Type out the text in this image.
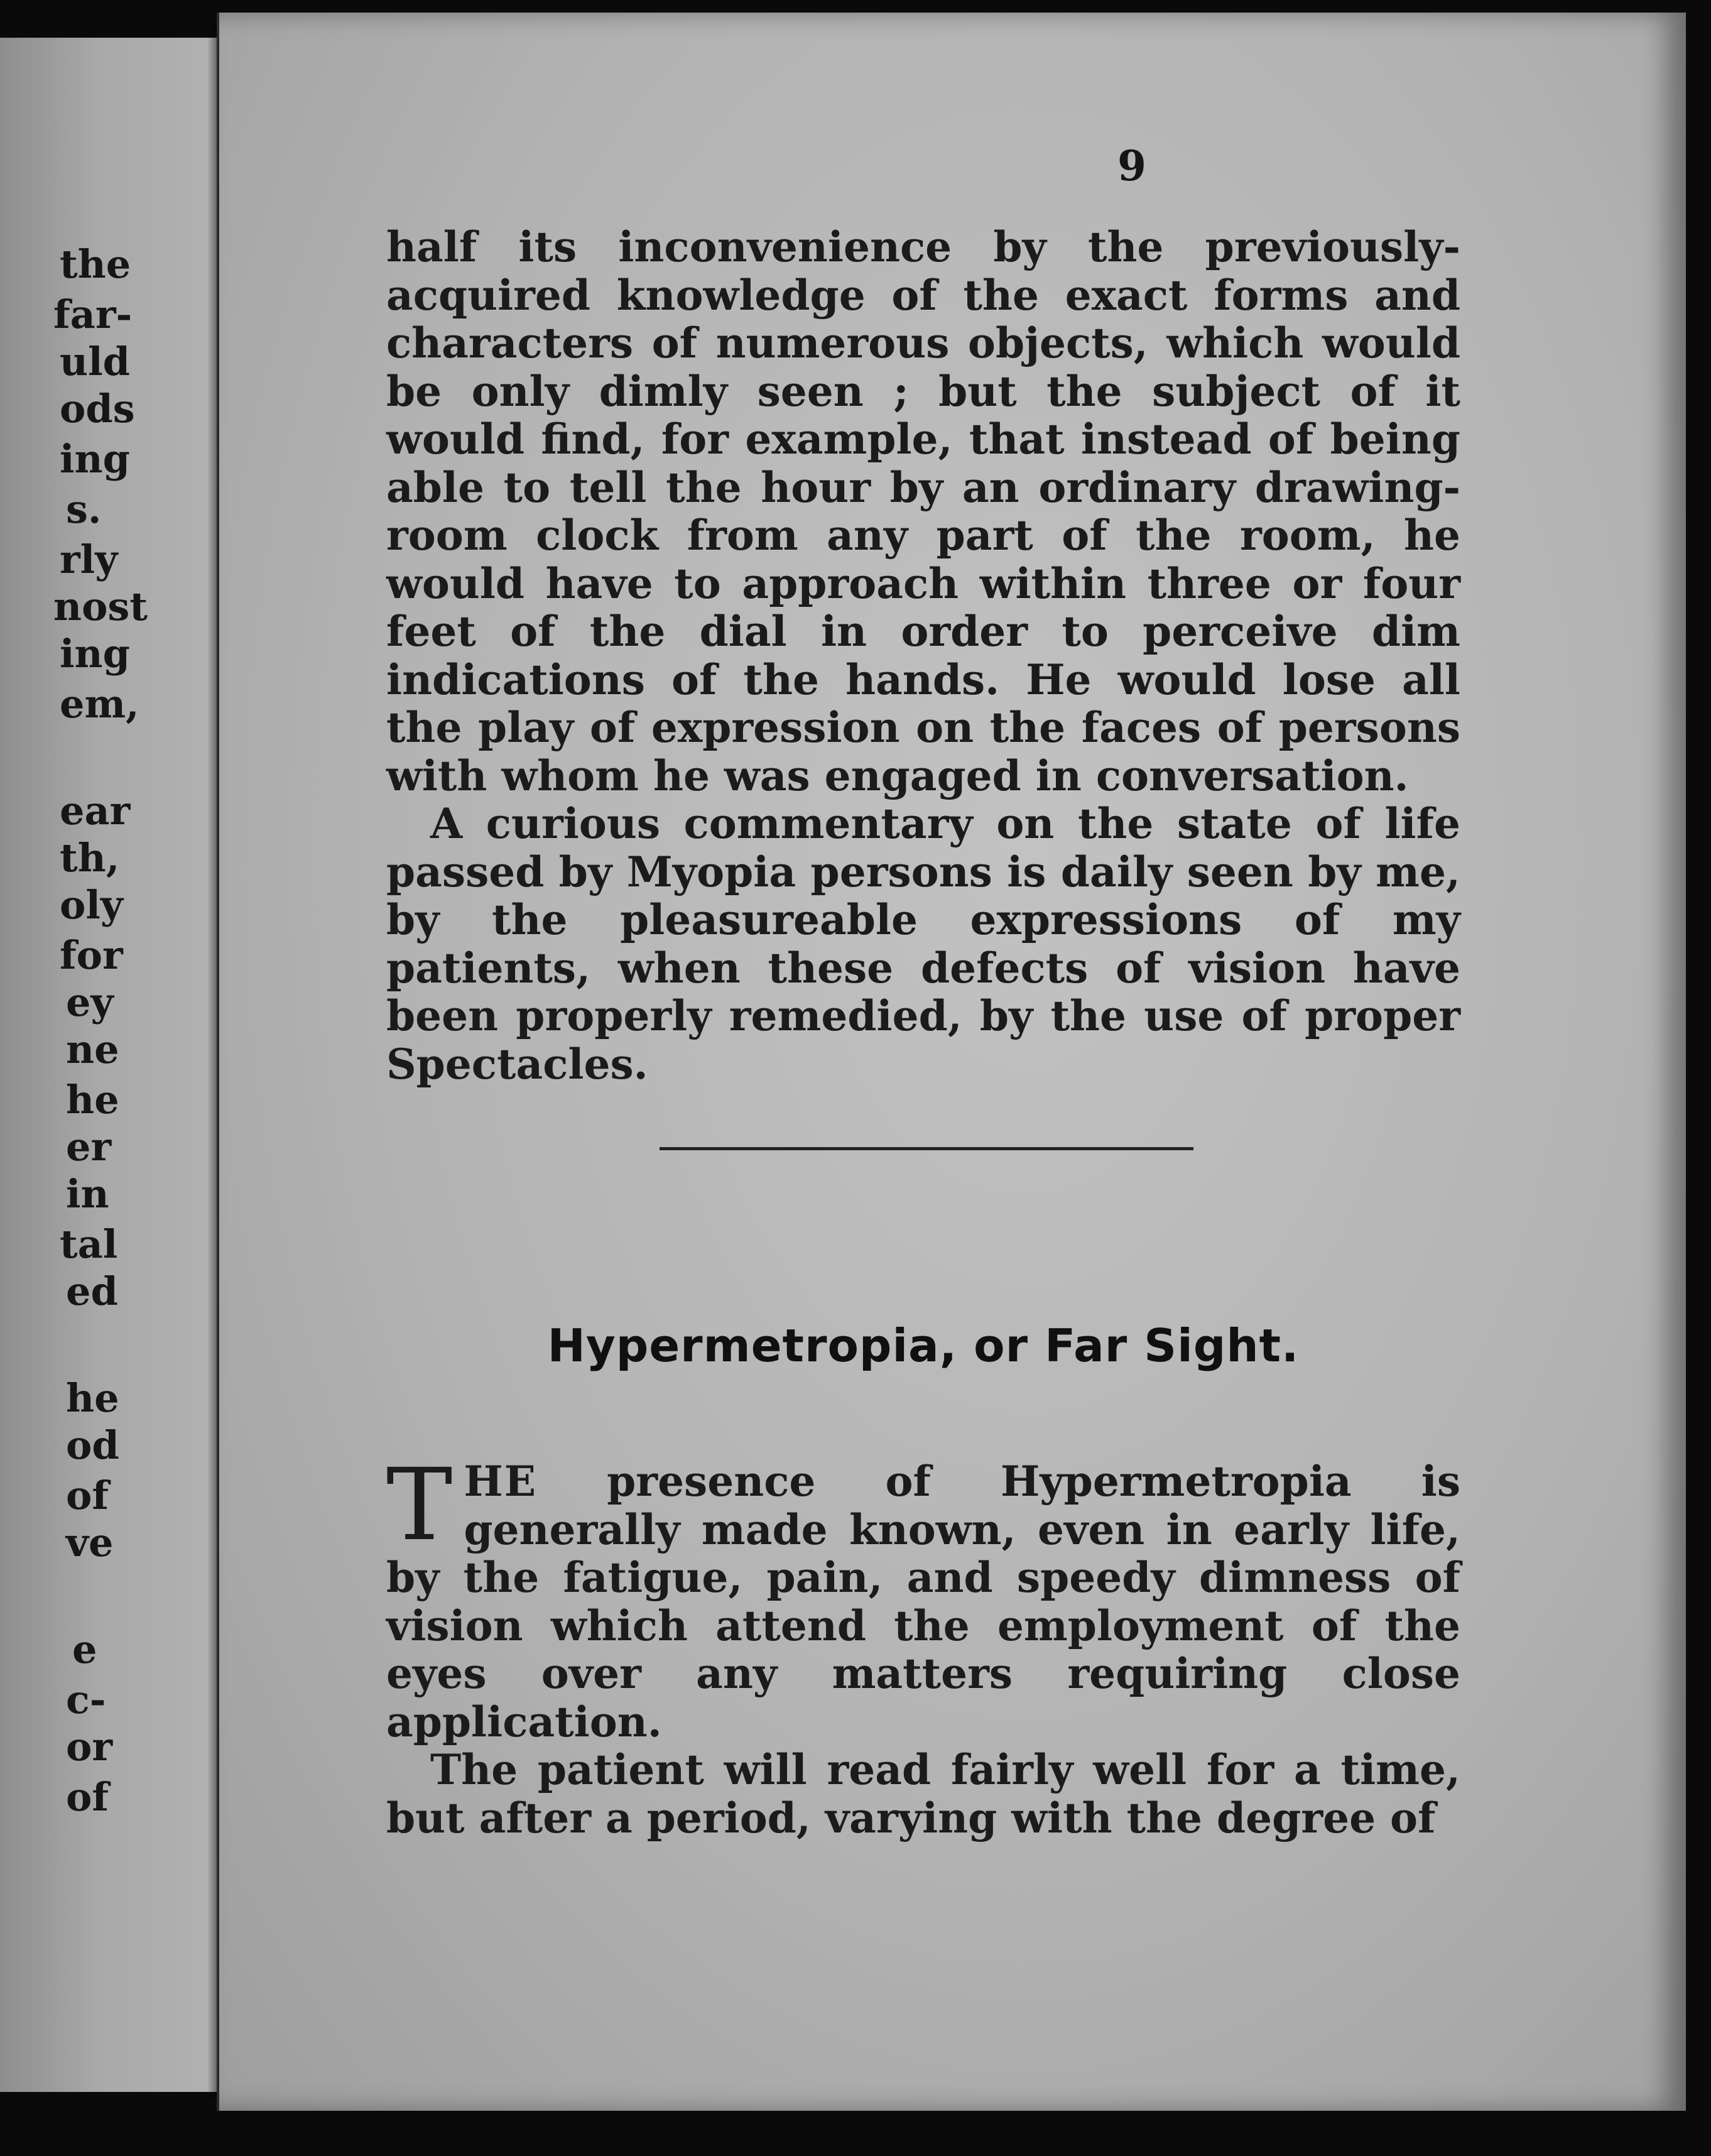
the
far-
uld
ods
ing
s.
rly
nost
ing
em,
ear
th,
oly
for
ey
ne
he
er
in
tal
ed
he
od
of
ve
e
c-
or
of
9

half its inconvenience by the previously-acquired knowledge of the exact forms and characters of numerous objects, which would be only dimly seen ; but the subject of it would find, for example, that instead of being able to tell the hour by an ordinary drawing-room clock from any part of the room, he would have to approach within three or four feet of the dial in order to perceive dim indications of the hands. He would lose all the play of expression on the faces of persons with whom he was engaged in conversation.

A curious commentary on the state of life passed by Myopia persons is daily seen by me, by the pleasureable expressions of my patients, when these defects of vision have been properly remedied, by the use of proper Spectacles.

Hypermetropia, or Far Sight.

THE presence of Hypermetropia is generally made known, even in early life, by the fatigue, pain, and speedy dimness of vision which attend the employment of the eyes over any matters requiring close application.

The patient will read fairly well for a time, but after a period, varying with the degree of
